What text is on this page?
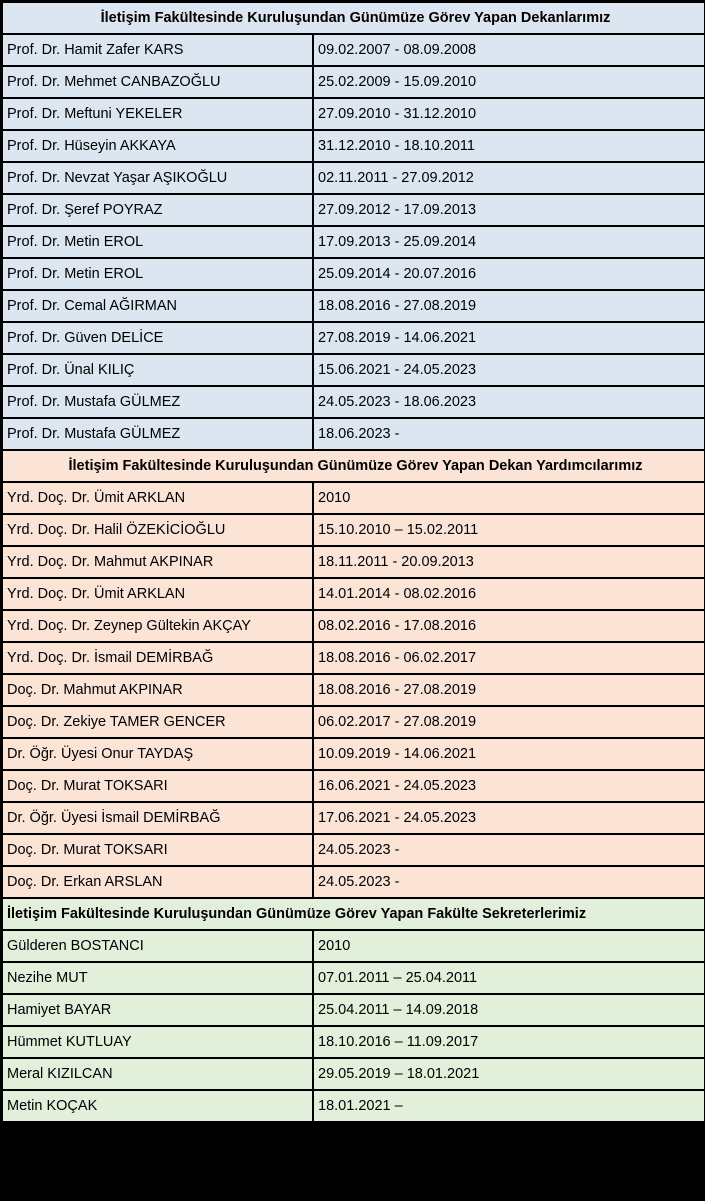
İletişim Fakültesinde Kuruluşundan Günümüze Görev Yapan Dekanlarımız	
Prof. Dr. Hamit Zafer KARS	09.02.2007 - 08.09.2008
Prof. Dr. Mehmet CANBAZOĞLU	25.02.2009 - 15.09.2010
Prof. Dr. Meftuni YEKELER	27.09.2010 - 31.12.2010
Prof. Dr. Hüseyin AKKAYA	31.12.2010 - 18.10.2011
Prof. Dr. Nevzat Yaşar AŞIKOĞLU	02.11.2011 - 27.09.2012
Prof. Dr. Şeref POYRAZ	27.09.2012 - 17.09.2013
Prof. Dr. Metin EROL	17.09.2013 - 25.09.2014
Prof. Dr. Metin EROL	25.09.2014 - 20.07.2016
Prof. Dr. Cemal AĞIRMAN	18.08.2016 - 27.08.2019
Prof. Dr. Güven DELİCE	27.08.2019 - 14.06.2021
Prof. Dr. Ünal KILIÇ	15.06.2021 - 24.05.2023
Prof. Dr. Mustafa GÜLMEZ	24.05.2023 - 18.06.2023
Prof. Dr. Mustafa GÜLMEZ	18.06.2023 -
İletişim Fakültesinde Kuruluşundan Günümüze Görev Yapan Dekan Yardımcılarımız	
Yrd. Doç. Dr. Ümit ARKLAN	2010
Yrd. Doç. Dr. Halil ÖZEKİCİOĞLU	15.10.2010 – 15.02.2011
Yrd. Doç. Dr. Mahmut AKPINAR	18.11.2011 - 20.09.2013
Yrd. Doç. Dr. Ümit ARKLAN	14.01.2014 - 08.02.2016
Yrd. Doç. Dr. Zeynep Gültekin AKÇAY	08.02.2016 - 17.08.2016
Yrd. Doç. Dr. İsmail DEMİRBAĞ	18.08.2016 - 06.02.2017
Doç. Dr. Mahmut AKPINAR	18.08.2016 - 27.08.2019
Doç. Dr. Zekiye TAMER GENCER	06.02.2017 - 27.08.2019
Dr. Öğr. Üyesi Onur TAYDAŞ	10.09.2019 - 14.06.2021
Doç. Dr. Murat TOKSARI	16.06.2021 - 24.05.2023
Dr. Öğr. Üyesi İsmail DEMİRBAĞ	17.06.2021 - 24.05.2023
Doç. Dr. Murat TOKSARI	24.05.2023 -
Doç. Dr. Erkan ARSLAN	24.05.2023 -
İletişim Fakültesinde Kuruluşundan Günümüze Görev Yapan Fakülte Sekreterlerimiz	
Gülderen BOSTANCI	2010
Nezihe MUT	07.01.2011 – 25.04.2011
Hamiyet BAYAR	25.04.2011 – 14.09.2018
Hümmet KUTLUAY	18.10.2016 – 11.09.2017
Meral KIZILCAN	29.05.2019 – 18.01.2021
Metin KOÇAK	18.01.2021 –
